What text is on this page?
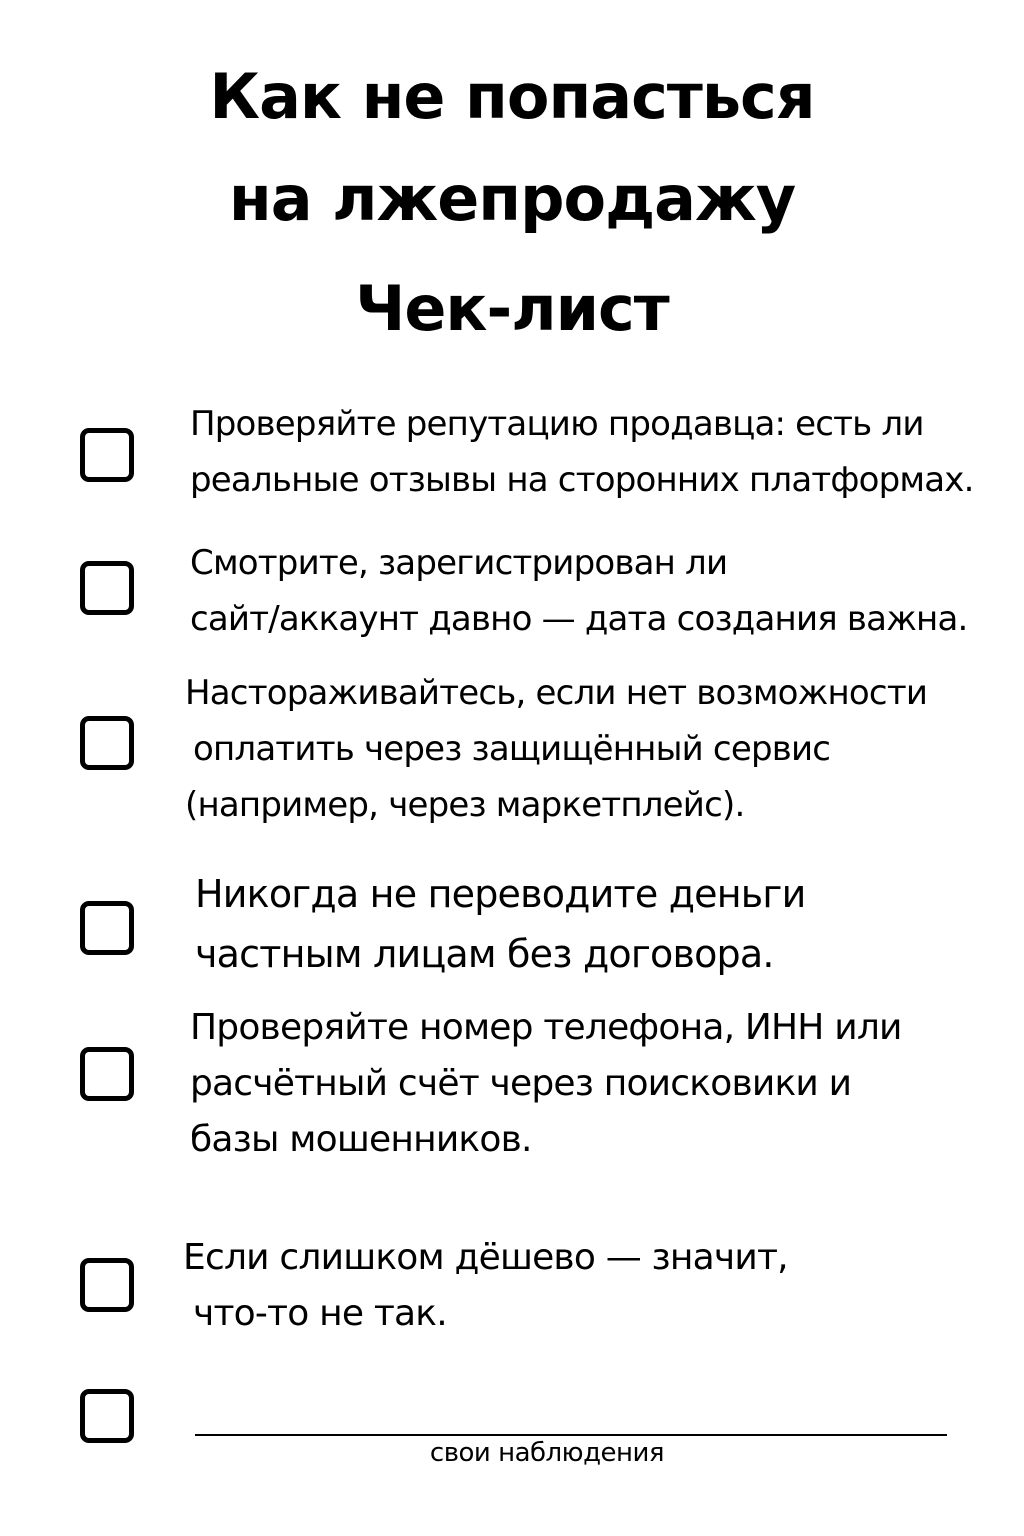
Как не попасться
на лжепродажу
Чек-лист

Проверяйте репутацию продавца: есть ли
реальные отзывы на сторонних платформах.

Смотрите, зарегистрирован ли
сайт/аккаунт давно — дата создания важна.

Настораживайтесь, если нет возможности
оплатить через защищённый сервис
(например, через маркетплейс).

Никогда не переводите деньги
частным лицам без договора.

Проверяйте номер телефона, ИНН или
расчётный счёт через поисковики и
базы мошенников.

Если слишком дёшево — значит,
что-то не так.

свои наблюдения
